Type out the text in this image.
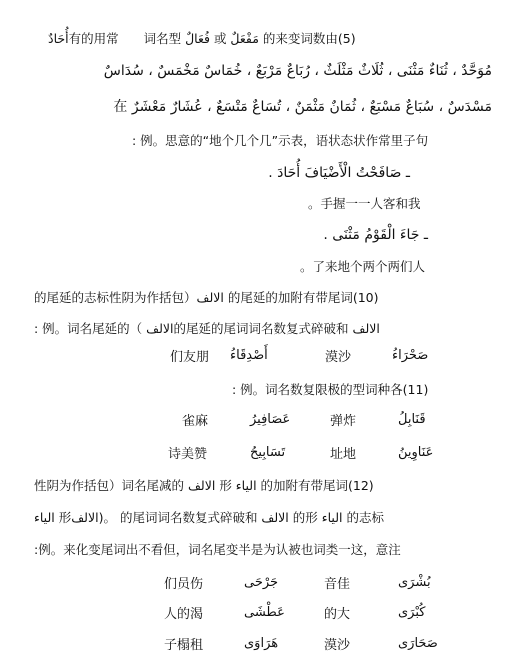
أُحَادٌ有的用常　　词名型 فُعَالٌ 或 مَفْعَلٌ 的来变词数由(5)
مُوَحَّدٌ ، ثُنَاءٌ مَثْنَى ، ثُلَاثٌ مَثْلَثٌ ، رُبَاعٌ مَرْبَعٌ ، خُمَاسٌ مَخْمَسٌ ، سُدَاسٌ
مَسْدَسٌ ، سُبَاعٌ مَسْبَعٌ ، ثُمَانٌ مَثْمَنٌ ، تُسَاعٌ مَتْسَعٌ ، عُشَارٌ مَعْشَرٌ 在
: 例。思意的“地个几个几”示表，语状态状作常里子句
ـ صَافَحْتُ الْأَضْيَافَ أُحَادَ .
。手握一一人客和我
ـ جَاءَ الْقَوْمُ مَثْنَى .
。了来地个两个两们人
的尾延的志标性阴为作括包）الالف 的尾延的加附有带尾词(10)
: 例。词名尾延的（ الالف的尾延的尾词词名数复式碎破和 الالف
们友朋 أَصْدِقَاءُ	漠沙	صَحْرَاءُ
: 例。词名数复限极的型词种各(11)
雀麻	عَصَافِيرُ	弹炸	قَنَابِلُ
诗美赞	تَسَابِيحُ	址地	عَنَاوِينُ
性阴为作括包）词名尾减的 الالف 形 الياء 的加附有带尾词(12)
الياء 形الالف)。 的尾词词名数复式碎破和 الالف 的形 الياء 的志标
:例。来化变尾词出不看但，词名尾变半是为认被也词类一这，意注
们员伤	جَرْحَى	音佳	بُشْرَى
人的渴	عَطْشَى	的大	كُبْرَى
子榻租	هَرَاوَى	漠沙	صَحَارَى
